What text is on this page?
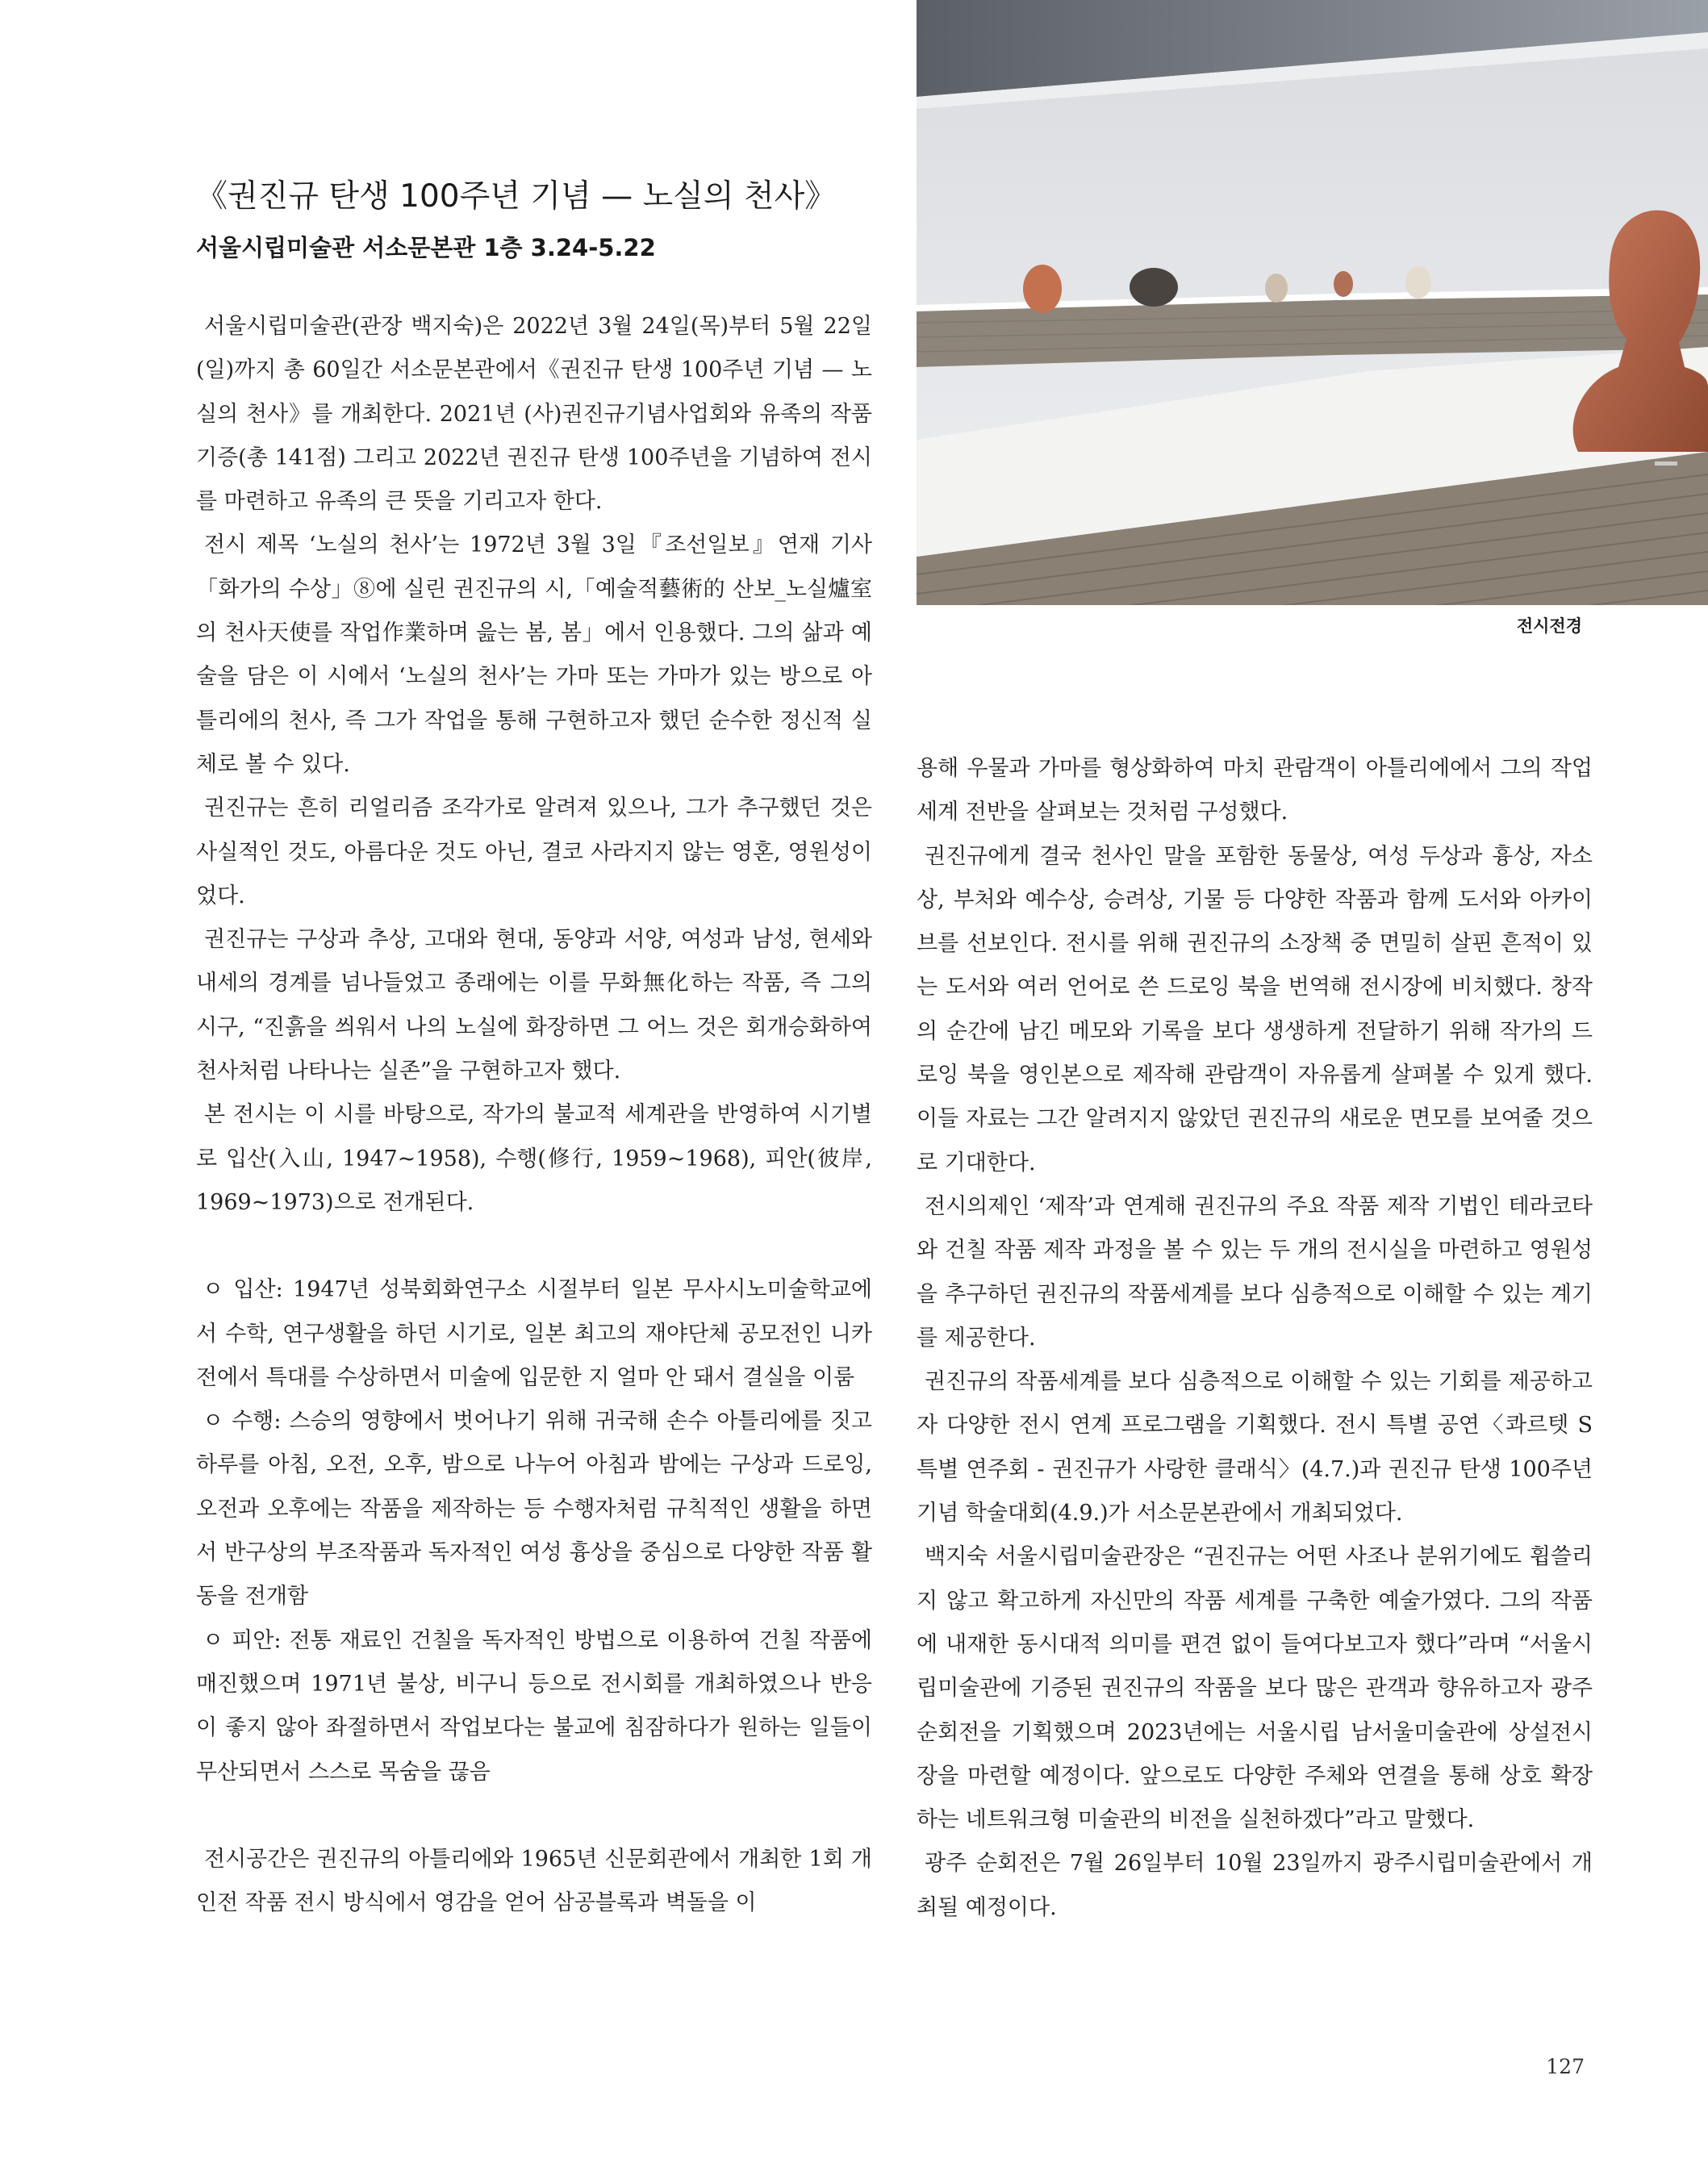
《권진규 탄생 100주년 기념 — 노실의 천사》
서울시립미술관 서소문본관 1층 3.24-5.22

서울시립미술관(관장 백지숙)은 2022년 3월 24일(목)부터 5월 22일(일)까지 총 60일간 서소문본관에서《권진규 탄생 100주년 기념 — 노실의 천사》를 개최한다. 2021년 (사)권진규기념사업회와 유족의 작품 기증(총 141점) 그리고 2022년 권진규 탄생 100주년을 기념하여 전시를 마련하고 유족의 큰 뜻을 기리고자 한다.

전시 제목 ‘노실의 천사’는 1972년 3월 3일『조선일보』연재 기사「화가의 수상」⑧에 실린 권진규의 시,「예술적藝術的 산보_노실爐室의 천사天使를 작업作業하며 읊는 봄, 봄」에서 인용했다. 그의 삶과 예술을 담은 이 시에서 ‘노실의 천사’는 가마 또는 가마가 있는 방으로 아틀리에의 천사, 즉 그가 작업을 통해 구현하고자 했던 순수한 정신적 실체로 볼 수 있다.

권진규는 흔히 리얼리즘 조각가로 알려져 있으나, 그가 추구했던 것은 사실적인 것도, 아름다운 것도 아닌, 결코 사라지지 않는 영혼, 영원성이었다.

권진규는 구상과 추상, 고대와 현대, 동양과 서양, 여성과 남성, 현세와 내세의 경계를 넘나들었고 종래에는 이를 무화無化하는 작품, 즉 그의 시구, “진흙을 씌워서 나의 노실에 화장하면 그 어느 것은 회개승화하여 천사처럼 나타나는 실존”을 구현하고자 했다.

본 전시는 이 시를 바탕으로, 작가의 불교적 세계관을 반영하여 시기별로 입산(入山, 1947~1958), 수행(修行, 1959~1968), 피안(彼岸, 1969~1973)으로 전개된다.

ㅇ 입산: 1947년 성북회화연구소 시절부터 일본 무사시노미술학교에서 수학, 연구생활을 하던 시기로, 일본 최고의 재야단체 공모전인 니카전에서 특대를 수상하면서 미술에 입문한 지 얼마 안 돼서 결실을 이룸

ㅇ 수행: 스승의 영향에서 벗어나기 위해 귀국해 손수 아틀리에를 짓고 하루를 아침, 오전, 오후, 밤으로 나누어 아침과 밤에는 구상과 드로잉, 오전과 오후에는 작품을 제작하는 등 수행자처럼 규칙적인 생활을 하면서 반구상의 부조작품과 독자적인 여성 흉상을 중심으로 다양한 작품 활동을 전개함

ㅇ 피안: 전통 재료인 건칠을 독자적인 방법으로 이용하여 건칠 작품에 매진했으며 1971년 불상, 비구니 등으로 전시회를 개최하였으나 반응이 좋지 않아 좌절하면서 작업보다는 불교에 침잠하다가 원하는 일들이 무산되면서 스스로 목숨을 끊음

전시공간은 권진규의 아틀리에와 1965년 신문회관에서 개최한 1회 개인전 작품 전시 방식에서 영감을 얻어 삼공블록과 벽돌을 이

전시전경

용해 우물과 가마를 형상화하여 마치 관람객이 아틀리에에서 그의 작업세계 전반을 살펴보는 것처럼 구성했다.

권진규에게 결국 천사인 말을 포함한 동물상, 여성 두상과 흉상, 자소상, 부처와 예수상, 승려상, 기물 등 다양한 작품과 함께 도서와 아카이브를 선보인다. 전시를 위해 권진규의 소장책 중 면밀히 살핀 흔적이 있는 도서와 여러 언어로 쓴 드로잉 북을 번역해 전시장에 비치했다. 창작의 순간에 남긴 메모와 기록을 보다 생생하게 전달하기 위해 작가의 드로잉 북을 영인본으로 제작해 관람객이 자유롭게 살펴볼 수 있게 했다. 이들 자료는 그간 알려지지 않았던 권진규의 새로운 면모를 보여줄 것으로 기대한다.

전시의제인 ‘제작’과 연계해 권진규의 주요 작품 제작 기법인 테라코타와 건칠 작품 제작 과정을 볼 수 있는 두 개의 전시실을 마련하고 영원성을 추구하던 권진규의 작품세계를 보다 심층적으로 이해할 수 있는 계기를 제공한다.

권진규의 작품세계를 보다 심층적으로 이해할 수 있는 기회를 제공하고자 다양한 전시 연계 프로그램을 기획했다. 전시 특별 공연〈콰르텟 S 특별 연주회 - 권진규가 사랑한 클래식〉(4.7.)과 권진규 탄생 100주년 기념 학술대회(4.9.)가 서소문본관에서 개최되었다.

백지숙 서울시립미술관장은 “권진규는 어떤 사조나 분위기에도 휩쓸리지 않고 확고하게 자신만의 작품 세계를 구축한 예술가였다. 그의 작품에 내재한 동시대적 의미를 편견 없이 들여다보고자 했다”라며 “서울시립미술관에 기증된 권진규의 작품을 보다 많은 관객과 향유하고자 광주 순회전을 기획했으며 2023년에는 서울시립 남서울미술관에 상설전시장을 마련할 예정이다. 앞으로도 다양한 주체와 연결을 통해 상호 확장하는 네트워크형 미술관의 비전을 실천하겠다”라고 말했다.

광주 순회전은 7월 26일부터 10월 23일까지 광주시립미술관에서 개최될 예정이다.

127
